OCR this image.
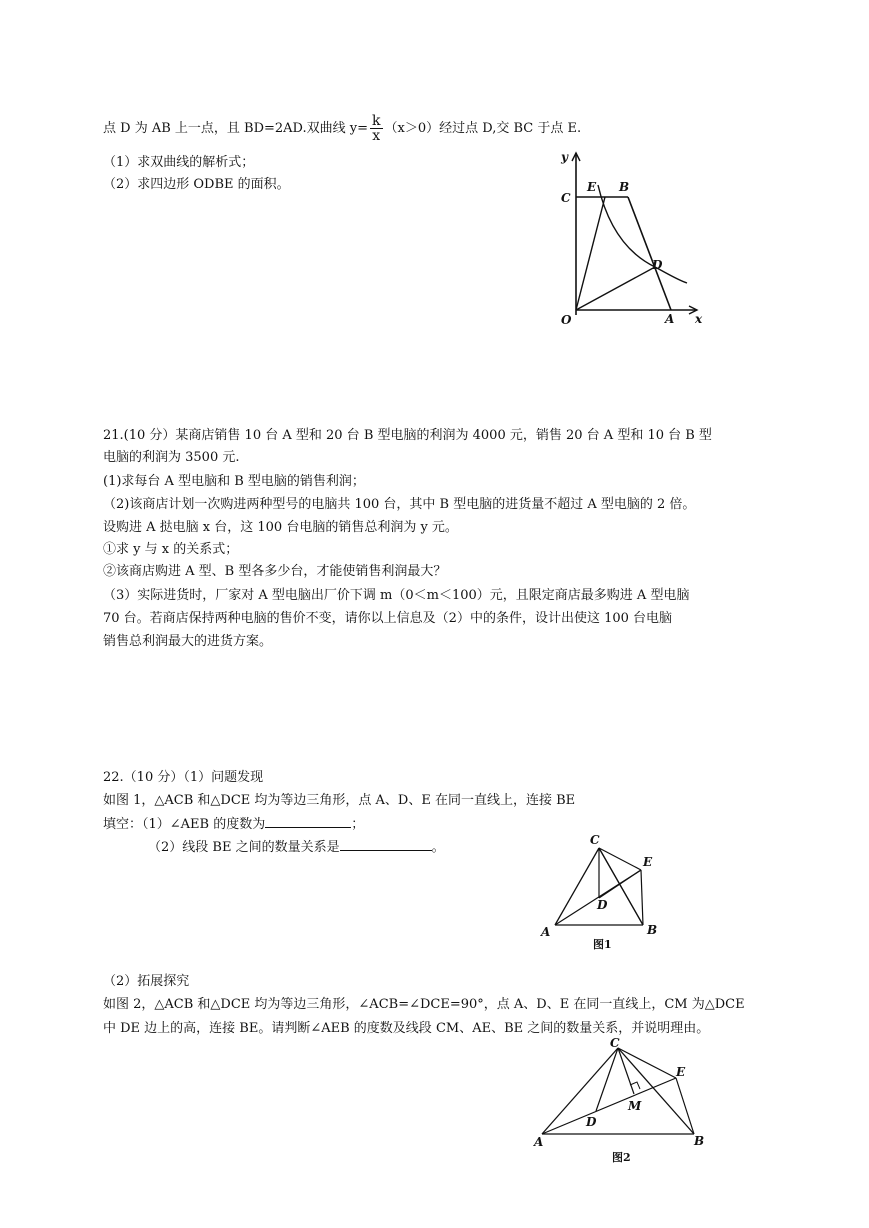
点 D 为 AB 上一点，且 BD=2AD.双曲线 $y= \frac{k}{x} (x>0)$经过点 D,交 BC 于点 E.
（1）求双曲线的解析式；
（2）求四边形 ODBE 的面积。
y
x
C
E B
D
O	A
21.(10 分）某商店销售 10 台 A 型和 20 台 B 型电脑的利润为 4000 元，销售 20 台 A 型和 10 台 B 型
电脑的利润为 3500 元.
(1)求每台 A 型电脑和 B 型电脑的销售利润；
（2)该商店计划一次购进两种型号的电脑共 100 台，其中 B 型电脑的进货量不超过 A 型电脑的 2 倍。
设购进 A 挞电脑 x 台，这 100 台电脑的销售总利润为 y 元。
①求 y 与 x 的关系式；
②该商店购进 A 型、B 型各多少台，才能使销售利润最大？
（3）实际进货时，厂家对 A 型电脑出厂价下调 m（0＜m＜100）元，且限定商店最多购进 A 型电脑
70 台。若商店保持两种电脑的售价不变，请你以上信息及（2）中的条件，设计出使这 100 台电脑
销售总利润最大的进货方案。
22.（10 分）（1）问题发现
如图 1，△ACB 和△DCE 均为等边三角形，点 A、D、E 在同一直线上，连接 BE
填空：（1）∠AEB 的度数为	；
（2）线段 BE 之间的数量关系是	。	C
E
D
A	B
图1
（2）拓展探究
如图 2，△ACB 和△DCE 均为等边三角形，∠ACB=∠DCE=90°，点 A、D、E 在同一直线上，CM 为△DCE
中 DE 边上的高，连接 BE。请判断∠AEB 的度数及线段 CM、AE、BE 之间的数量关系，并说明理由。
C
E
M
D
A	B
图2
